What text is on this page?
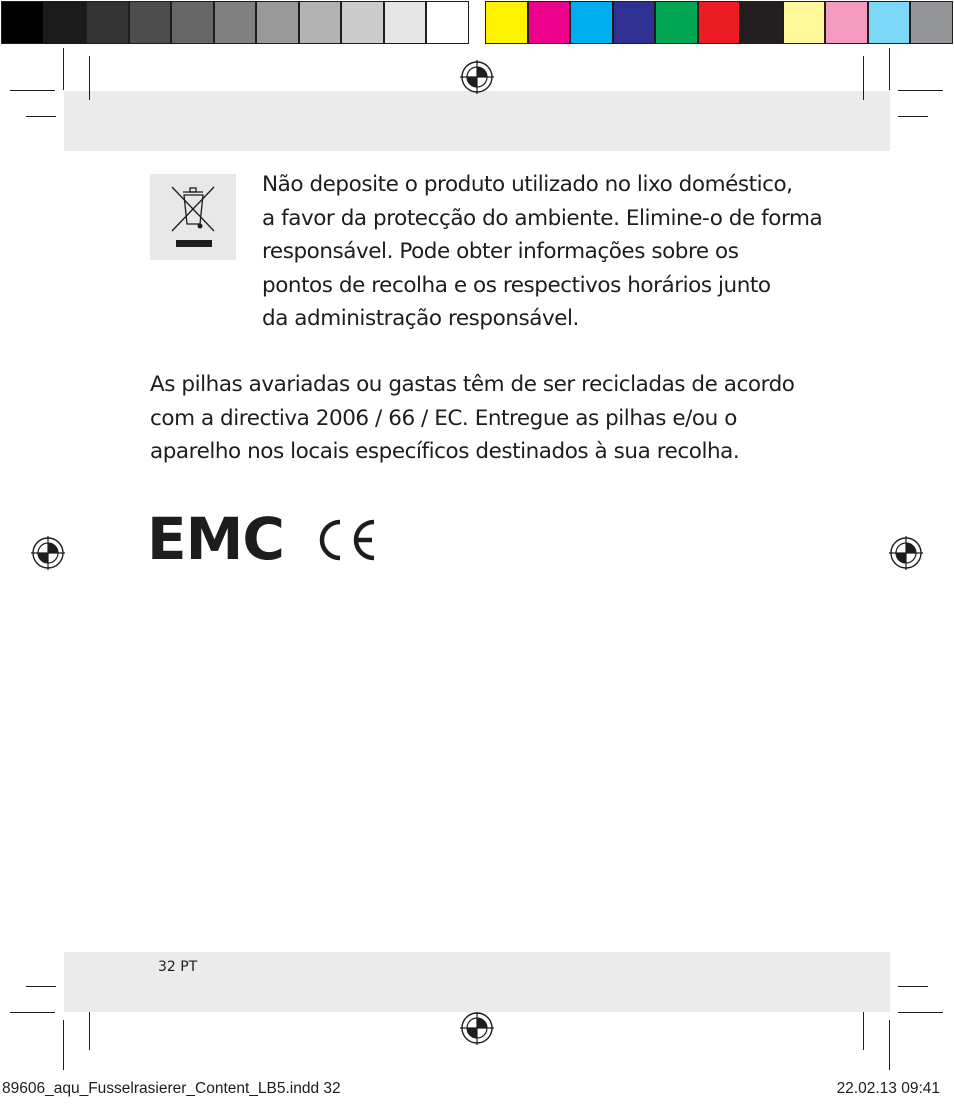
Não deposite o produto utilizado no lixo doméstico,
a favor da protecção do ambiente. Elimine-o de forma
responsável. Pode obter informações sobre os
pontos de recolha e os respectivos horários junto
da administração responsável.

As pilhas avariadas ou gastas têm de ser recicladas de acordo
com a directiva 2006 / 66 / EC. Entregue as pilhas e/ou o
aparelho nos locais específicos destinados à sua recolha.

EMC
32 PT
89606_aqu_Fusselrasierer_Content_LB5.indd 32	22.02.13 09:41
